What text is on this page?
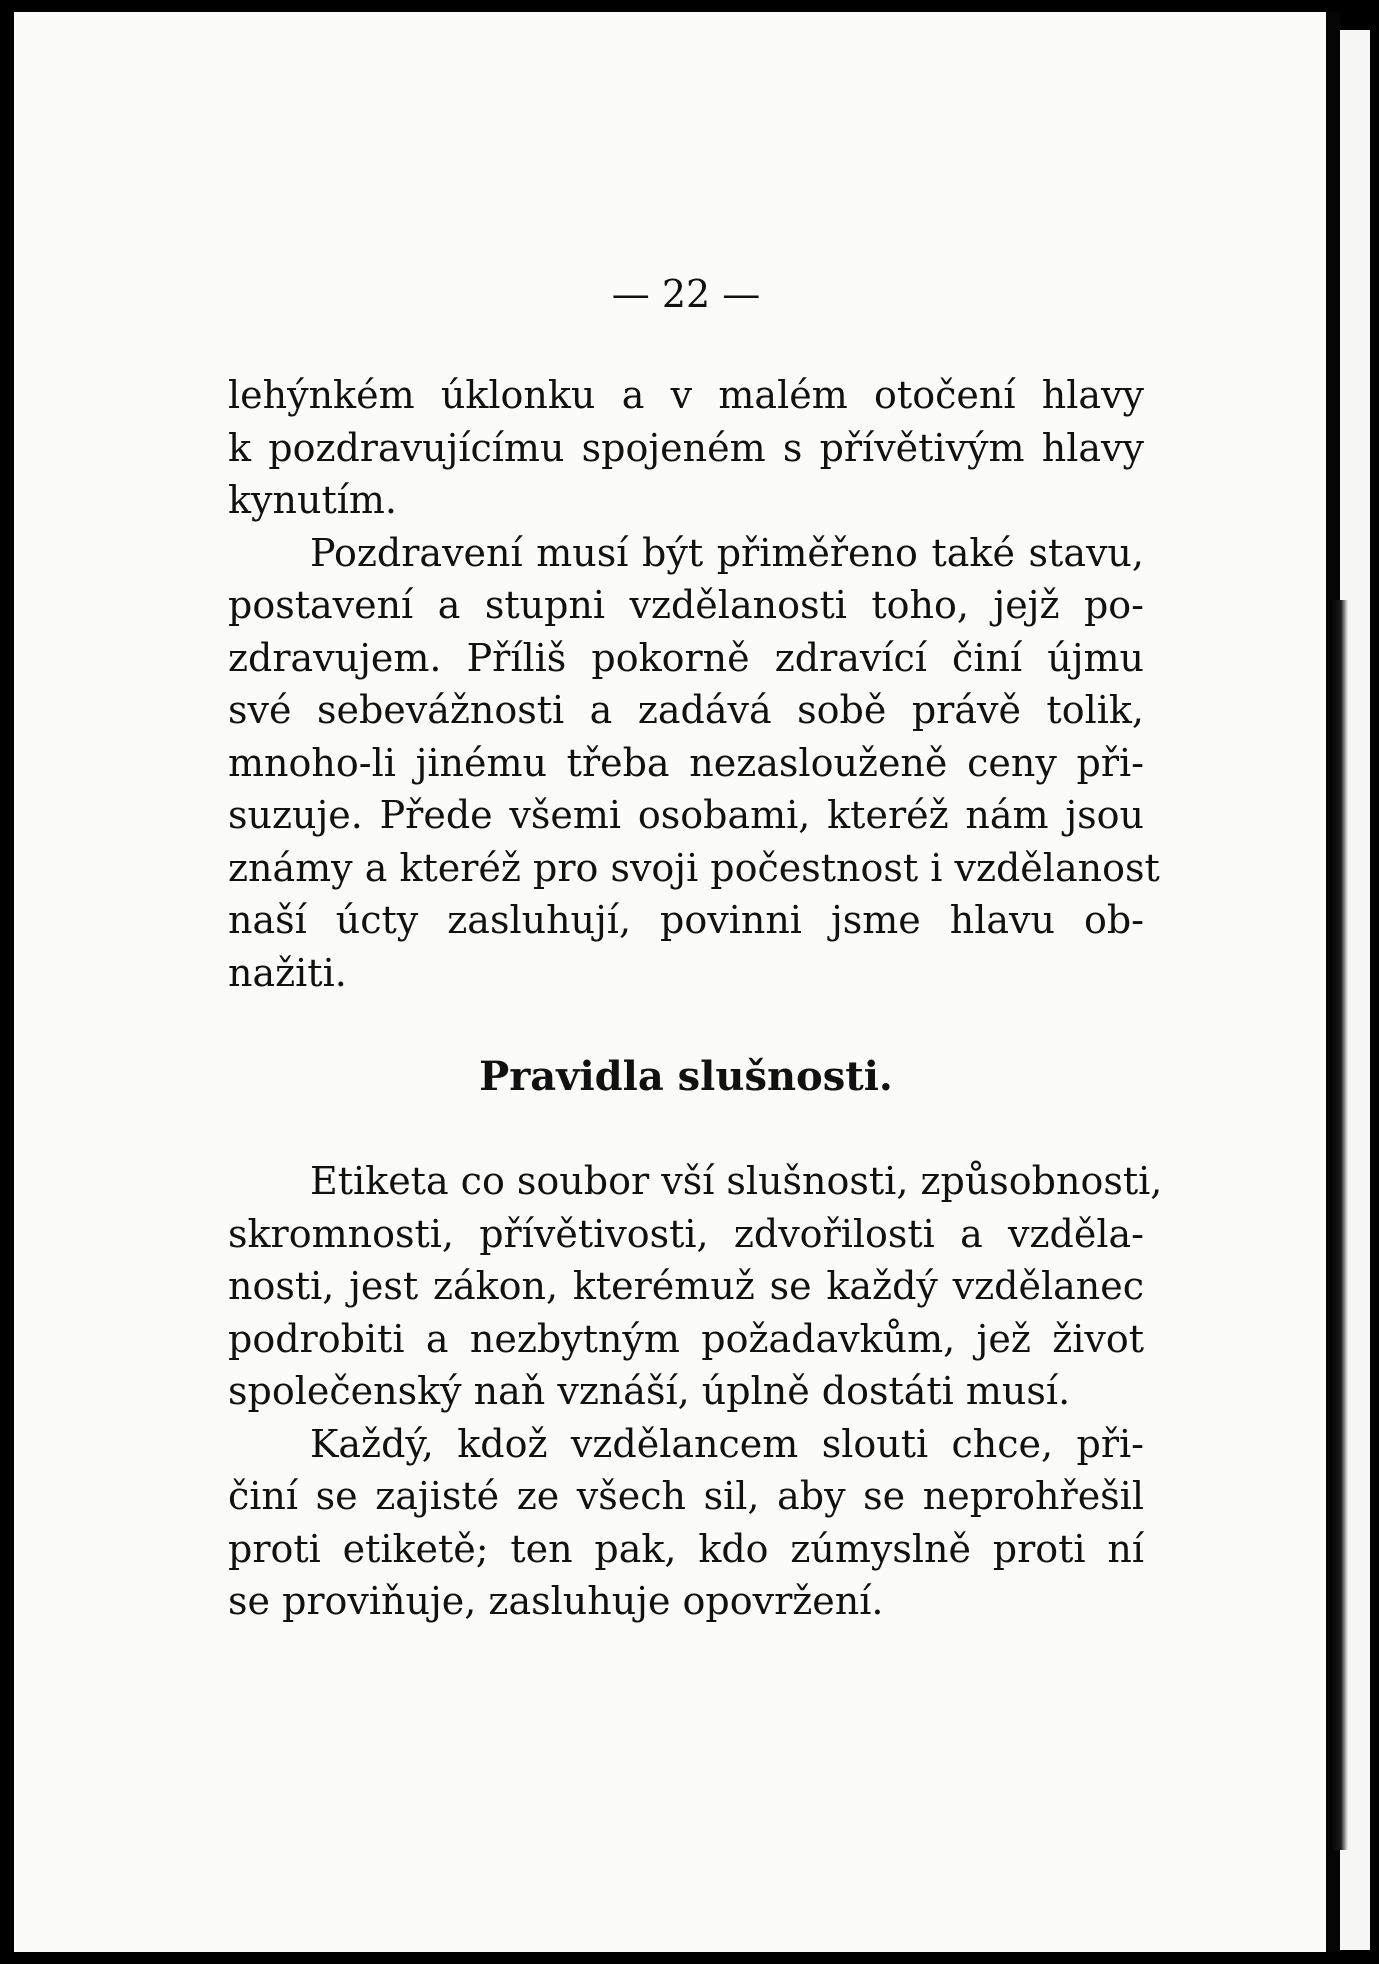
— 22 —
lehýnkém úklonku a v malém otočení hlavy
k pozdravujícímu spojeném s přívětivým hlavy
kynutím.
Pozdravení musí být přiměřeno také stavu,
postavení a stupni vzdělanosti toho, jejž po-
zdravujem. Příliš pokorně zdravící činí újmu
své sebevážnosti a zadává sobě právě tolik,
mnoho-li jinému třeba nezaslouženě ceny při-
suzuje. Přede všemi osobami, kteréž nám jsou
známy a kteréž pro svoji počestnost i vzdělanost
naší úcty zasluhují, povinni jsme hlavu ob-
nažiti.
Pravidla slušnosti.
Etiketa co soubor vší slušnosti, způsobnosti,
skromnosti, přívětivosti, zdvořilosti a vzděla-
nosti, jest zákon, kterémuž se každý vzdělanec
podrobiti a nezbytným požadavkům, jež život
společenský naň vznáší, úplně dostáti musí.
Každý, kdož vzdělancem slouti chce, při-
činí se zajisté ze všech sil, aby se neprohřešil
proti etiketě; ten pak, kdo zúmyslně proti ní
se proviňuje, zasluhuje opovržení.
